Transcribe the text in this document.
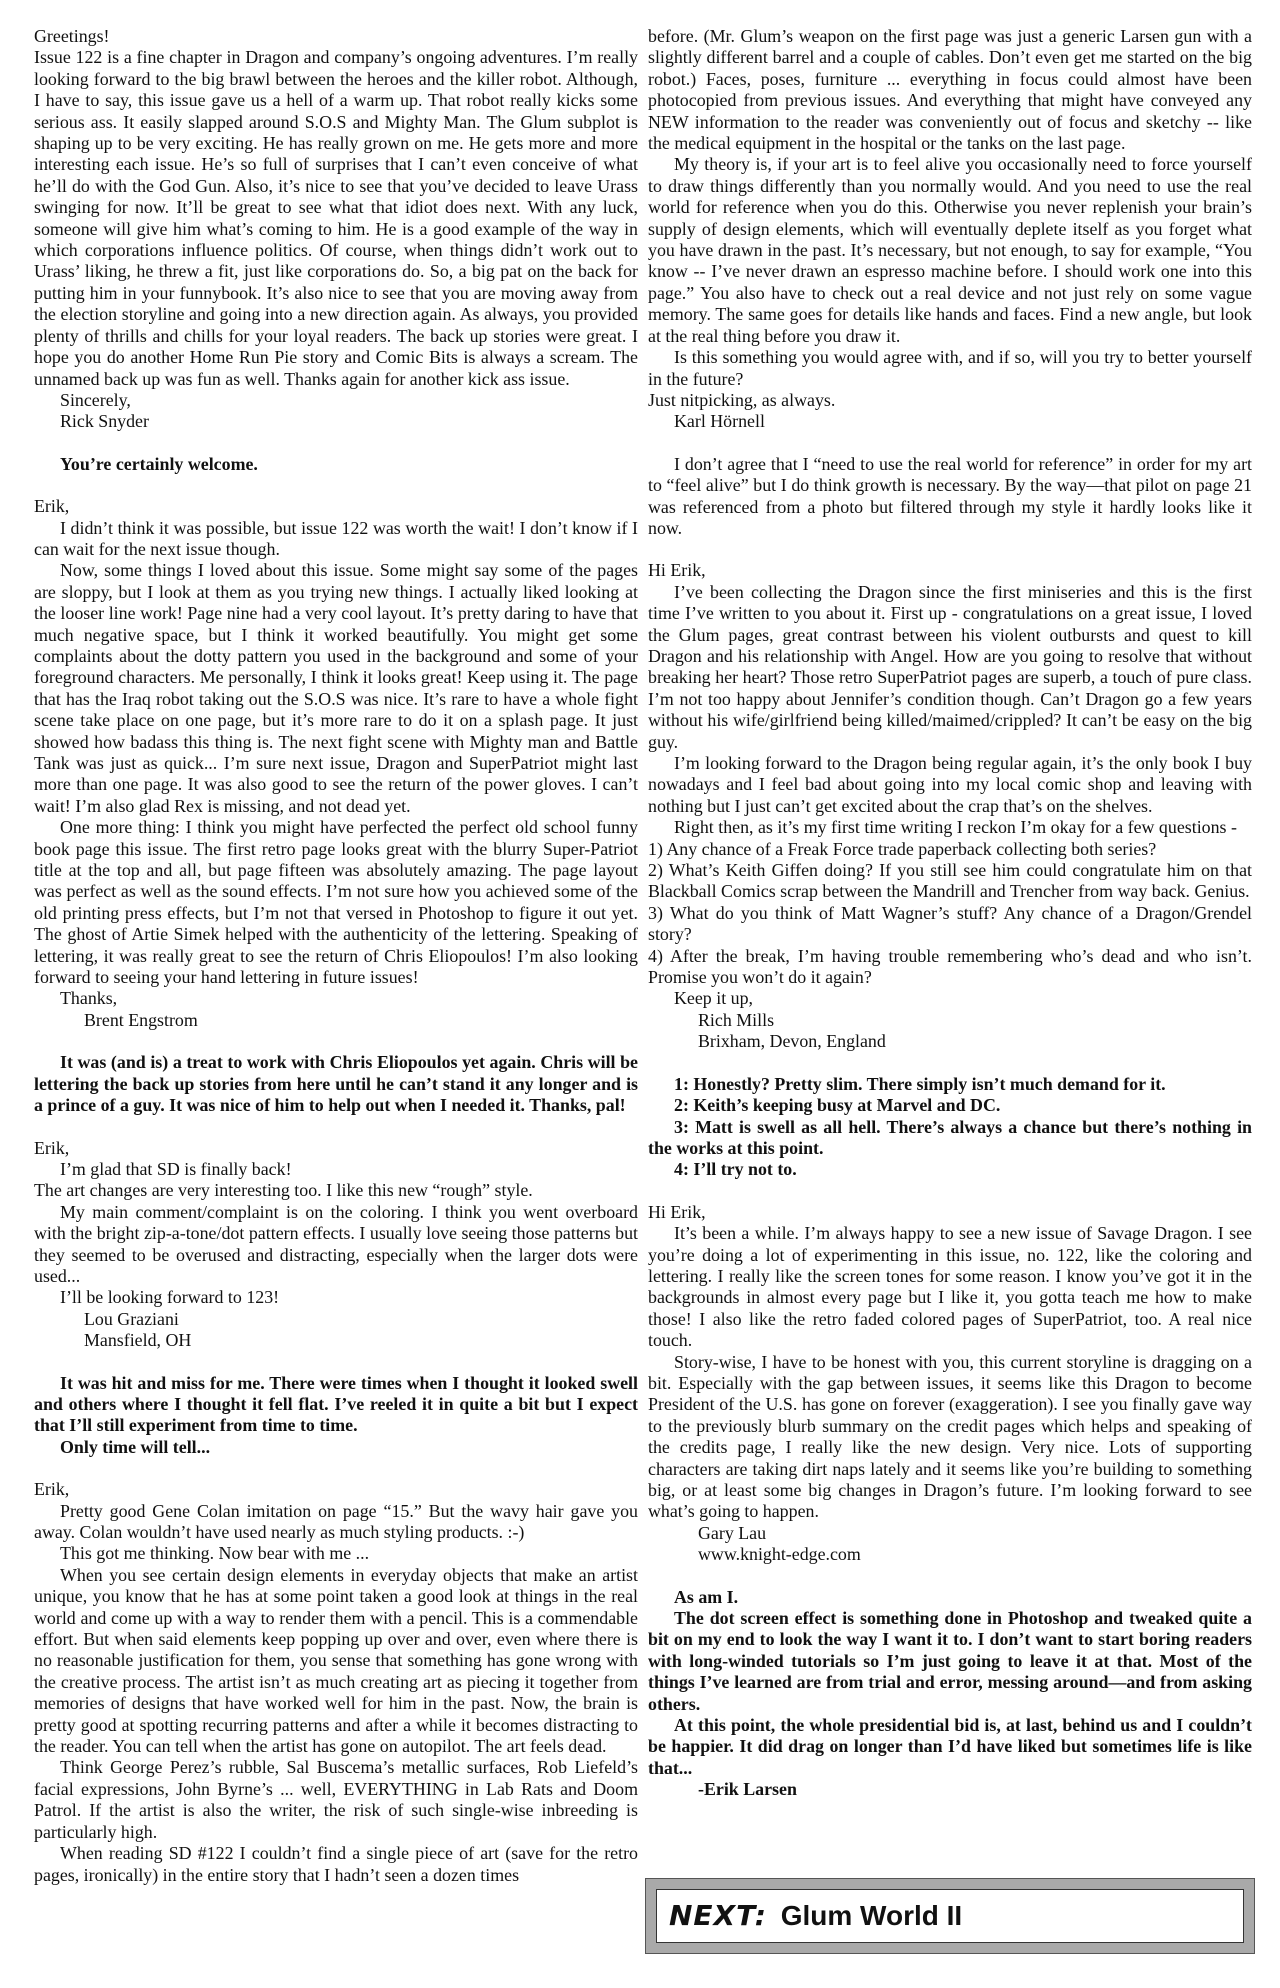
Greetings!

Issue 122 is a fine chapter in Dragon and company’s ongoing adventures. I’m really looking forward to the big brawl between the heroes and the killer robot. Although, I have to say, this issue gave us a hell of a warm up. That robot really kicks some serious ass. It easily slapped around S.O.S and Mighty Man. The Glum subplot is shaping up to be very exciting. He has really grown on me. He gets more and more interesting each issue. He’s so full of surprises that I can’t even conceive of what he’ll do with the God Gun. Also, it’s nice to see that you’ve decided to leave Urass swinging for now. It’ll be great to see what that idiot does next. With any luck, someone will give him what’s coming to him. He is a good example of the way in which corporations influence politics. Of course, when things didn’t work out to Urass’ liking, he threw a fit, just like corporations do. So, a big pat on the back for putting him in your funnybook. It’s also nice to see that you are moving away from the election storyline and going into a new direction again. As always, you provided plenty of thrills and chills for your loyal readers. The back up stories were great. I hope you do another Home Run Pie story and Comic Bits is always a scream. The unnamed back up was fun as well. Thanks again for another kick ass issue.

Sincerely,

Rick Snyder

You’re certainly welcome.

Erik,

I didn’t think it was possible, but issue 122 was worth the wait! I don’t know if I can wait for the next issue though.

Now, some things I loved about this issue. Some might say some of the pages are sloppy, but I look at them as you trying new things. I actually liked looking at the looser line work! Page nine had a very cool layout. It’s pretty daring to have that much negative space, but I think it worked beautifully. You might get some complaints about the dotty pattern you used in the background and some of your foreground characters. Me personally, I think it looks great! Keep using it. The page that has the Iraq robot taking out the S.O.S was nice. It’s rare to have a whole fight scene take place on one page, but it’s more rare to do it on a splash page. It just showed how badass this thing is. The next fight scene with Mighty man and Battle Tank was just as quick... I’m sure next issue, Dragon and SuperPatriot might last more than one page. It was also good to see the return of the power gloves. I can’t wait! I’m also glad Rex is missing, and not dead yet.

One more thing: I think you might have perfected the perfect old school funny book page this issue. The first retro page looks great with the blurry Super-Patriot title at the top and all, but page fifteen was absolutely amazing. The page layout was perfect as well as the sound effects. I’m not sure how you achieved some of the old printing press effects, but I’m not that versed in Photoshop to figure it out yet. The ghost of Artie Simek helped with the authenticity of the lettering. Speaking of lettering, it was really great to see the return of Chris Eliopoulos! I’m also looking forward to seeing your hand lettering in future issues!

Thanks,

Brent Engstrom

It was (and is) a treat to work with Chris Eliopoulos yet again. Chris will be lettering the back up stories from here until he can’t stand it any longer and is a prince of a guy. It was nice of him to help out when I needed it. Thanks, pal!

Erik,

I’m glad that SD is finally back!

The art changes are very interesting too. I like this new “rough” style.

My main comment/complaint is on the coloring. I think you went overboard with the bright zip-a-tone/dot pattern effects. I usually love seeing those patterns but they seemed to be overused and distracting, especially when the larger dots were used...

I’ll be looking forward to 123!

Lou Graziani

Mansfield, OH

It was hit and miss for me. There were times when I thought it looked swell and others where I thought it fell flat. I’ve reeled it in quite a bit but I expect that I’ll still experiment from time to time.

Only time will tell...

Erik,

Pretty good Gene Colan imitation on page “15.” But the wavy hair gave you away. Colan wouldn’t have used nearly as much styling products. :-)

This got me thinking. Now bear with me ...

When you see certain design elements in everyday objects that make an artist unique, you know that he has at some point taken a good look at things in the real world and come up with a way to render them with a pencil. This is a commendable effort. But when said elements keep popping up over and over, even where there is no reasonable justification for them, you sense that something has gone wrong with the creative process. The artist isn’t as much creating art as piecing it together from memories of designs that have worked well for him in the past. Now, the brain is pretty good at spotting recurring patterns and after a while it becomes distracting to the reader. You can tell when the artist has gone on autopilot. The art feels dead.

Think George Perez’s rubble, Sal Buscema’s metallic surfaces, Rob Liefeld’s facial expressions, John Byrne’s ... well, EVERYTHING in Lab Rats and Doom Patrol. If the artist is also the writer, the risk of such single-wise inbreeding is particularly high.

When reading SD #122 I couldn’t find a single piece of art (save for the retro pages, ironically) in the entire story that I hadn’t seen a dozen times

before. (Mr. Glum’s weapon on the first page was just a generic Larsen gun with a slightly different barrel and a couple of cables. Don’t even get me started on the big robot.) Faces, poses, furniture ... everything in focus could almost have been photocopied from previous issues. And everything that might have conveyed any NEW information to the reader was conveniently out of focus and sketchy -- like the medical equipment in the hospital or the tanks on the last page.

My theory is, if your art is to feel alive you occasionally need to force yourself to draw things differently than you normally would. And you need to use the real world for reference when you do this. Otherwise you never replenish your brain’s supply of design elements, which will eventually deplete itself as you forget what you have drawn in the past. It’s necessary, but not enough, to say for example, “You know -- I’ve never drawn an espresso machine before. I should work one into this page.” You also have to check out a real device and not just rely on some vague memory. The same goes for details like hands and faces. Find a new angle, but look at the real thing before you draw it.

Is this something you would agree with, and if so, will you try to better yourself in the future?

Just nitpicking, as always.

Karl Hörnell

I don’t agree that I “need to use the real world for reference” in order for my art to “feel alive” but I do think growth is necessary. By the way—that pilot on page 21 was referenced from a photo but filtered through my style it hardly looks like it now.

Hi Erik,

I’ve been collecting the Dragon since the first miniseries and this is the first time I’ve written to you about it. First up - congratulations on a great issue, I loved the Glum pages, great contrast between his violent outbursts and quest to kill Dragon and his relationship with Angel. How are you going to resolve that without breaking her heart? Those retro SuperPatriot pages are superb, a touch of pure class. I’m not too happy about Jennifer’s condition though. Can’t Dragon go a few years without his wife/girlfriend being killed/maimed/crippled? It can’t be easy on the big guy.

I’m looking forward to the Dragon being regular again, it’s the only book I buy nowadays and I feel bad about going into my local comic shop and leaving with nothing but I just can’t get excited about the crap that’s on the shelves.

Right then, as it’s my first time writing I reckon I’m okay for a few questions -

1) Any chance of a Freak Force trade paperback collecting both series?

2) What’s Keith Giffen doing? If you still see him could congratulate him on that Blackball Comics scrap between the Mandrill and Trencher from way back. Genius.

3) What do you think of Matt Wagner’s stuff? Any chance of a Dragon/Grendel story?

4) After the break, I’m having trouble remembering who’s dead and who isn’t. Promise you won’t do it again?

Keep it up,

Rich Mills

Brixham, Devon, England

1: Honestly? Pretty slim. There simply isn’t much demand for it.

2: Keith’s keeping busy at Marvel and DC.

3: Matt is swell as all hell. There’s always a chance but there’s nothing in the works at this point.

4: I’ll try not to.

Hi Erik,

It’s been a while. I’m always happy to see a new issue of Savage Dragon. I see you’re doing a lot of experimenting in this issue, no. 122, like the coloring and lettering. I really like the screen tones for some reason. I know you’ve got it in the backgrounds in almost every page but I like it, you gotta teach me how to make those! I also like the retro faded colored pages of SuperPatriot, too. A real nice touch.

Story-wise, I have to be honest with you, this current storyline is dragging on a bit. Especially with the gap between issues, it seems like this Dragon to become President of the U.S. has gone on forever (exaggeration). I see you finally gave way to the previously blurb summary on the credit pages which helps and speaking of the credits page, I really like the new design. Very nice. Lots of supporting characters are taking dirt naps lately and it seems like you’re building to something big, or at least some big changes in Dragon’s future. I’m looking forward to see what’s going to happen.

Gary Lau

www.knight-edge.com

As am I.

The dot screen effect is something done in Photoshop and tweaked quite a bit on my end to look the way I want it to. I don’t want to start boring readers with long-winded tutorials so I’m just going to leave it at that. Most of the things I’ve learned are from trial and error, messing around—and from asking others.

At this point, the whole presidential bid is, at last, behind us and I couldn’t be happier. It did drag on longer than I’d have liked but sometimes life is like that...

-Erik Larsen

NEXT: Glum World II
